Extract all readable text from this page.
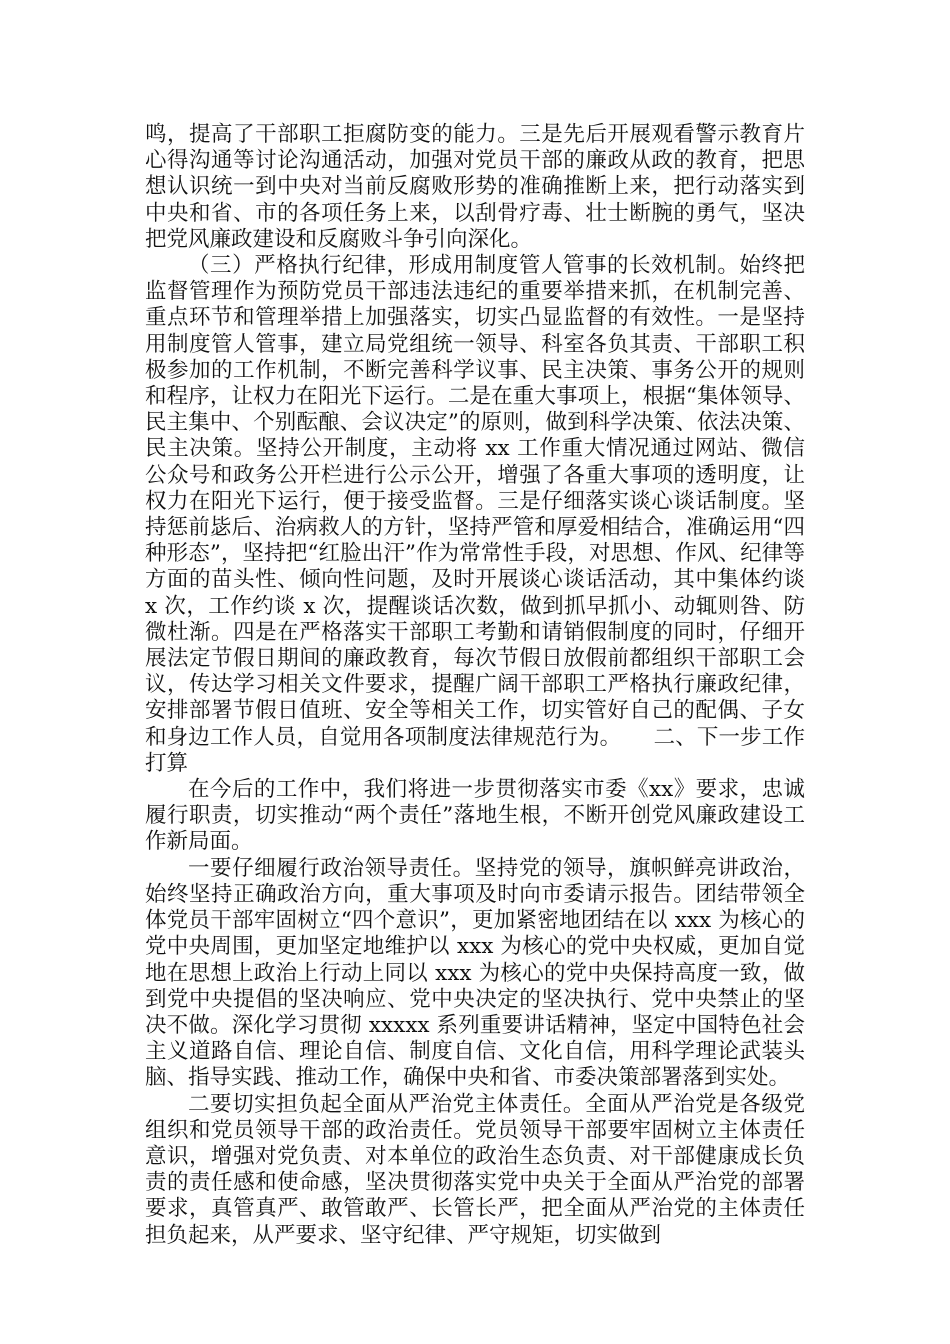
鸣，提高了干部职工拒腐防变的能力。三是先后开展观看警示教育片心得沟通等讨论沟通活动，加强对党员干部的廉政从政的教育，把思想认识统一到中央对当前反腐败形势的准确推断上来，把行动落实到中央和省、市的各项任务上来，以刮骨疗毒、壮士断腕的勇气，坚决把党风廉政建设和反腐败斗争引向深化。

（三）严格执行纪律，形成用制度管人管事的长效机制。始终把监督管理作为预防党员干部违法违纪的重要举措来抓，在机制完善、重点环节和管理举措上加强落实，切实凸显监督的有效性。一是坚持用制度管人管事，建立局党组统一领导、科室各负其责、干部职工积极参加的工作机制，不断完善科学议事、民主决策、事务公开的规则和程序，让权力在阳光下运行。二是在重大事项上，根据“集体领导、民主集中、个别酝酿、会议决定”的原则，做到科学决策、依法决策、民主决策。坚持公开制度，主动将 xx 工作重大情况通过网站、微信公众号和政务公开栏进行公示公开，增强了各重大事项的透明度，让权力在阳光下运行，便于接受监督。三是仔细落实谈心谈话制度。坚持惩前毖后、治病救人的方针，坚持严管和厚爱相结合，准确运用“四种形态”，坚持把“红脸出汗”作为常常性手段，对思想、作风、纪律等方面的苗头性、倾向性问题，及时开展谈心谈话活动，其中集体约谈 x 次，工作约谈 x 次，提醒谈话次数，做到抓早抓小、动辄则咎、防微杜渐。四是在严格落实干部职工考勤和请销假制度的同时，仔细开展法定节假日期间的廉政教育，每次节假日放假前都组织干部职工会议，传达学习相关文件要求，提醒广阔干部职工严格执行廉政纪律，安排部署节假日值班、安全等相关工作，切实管好自己的配偶、子女和身边工作人员，自觉用各项制度法律规范行为。 二、下一步工作打算

在今后的工作中，我们将进一步贯彻落实市委《xx》要求，忠诚履行职责，切实推动“两个责任”落地生根，不断开创党风廉政建设工作新局面。

一要仔细履行政治领导责任。坚持党的领导，旗帜鲜亮讲政治，始终坚持正确政治方向，重大事项及时向市委请示报告。团结带领全体党员干部牢固树立“四个意识”，更加紧密地团结在以 xxx 为核心的党中央周围，更加坚定地维护以 xxx 为核心的党中央权威，更加自觉地在思想上政治上行动上同以 xxx 为核心的党中央保持高度一致，做到党中央提倡的坚决响应、党中央决定的坚决执行、党中央禁止的坚决不做。深化学习贯彻 xxxxx 系列重要讲话精神，坚定中国特色社会主义道路自信、理论自信、制度自信、文化自信，用科学理论武装头脑、指导实践、推动工作，确保中央和省、市委决策部署落到实处。

二要切实担负起全面从严治党主体责任。全面从严治党是各级党组织和党员领导干部的政治责任。党员领导干部要牢固树立主体责任意识，增强对党负责、对本单位的政治生态负责、对干部健康成长负责的责任感和使命感，坚决贯彻落实党中央关于全面从严治党的部署要求，真管真严、敢管敢严、长管长严，把全面从严治党的主体责任担负起来，从严要求、坚守纪律、严守规矩，切实做到
